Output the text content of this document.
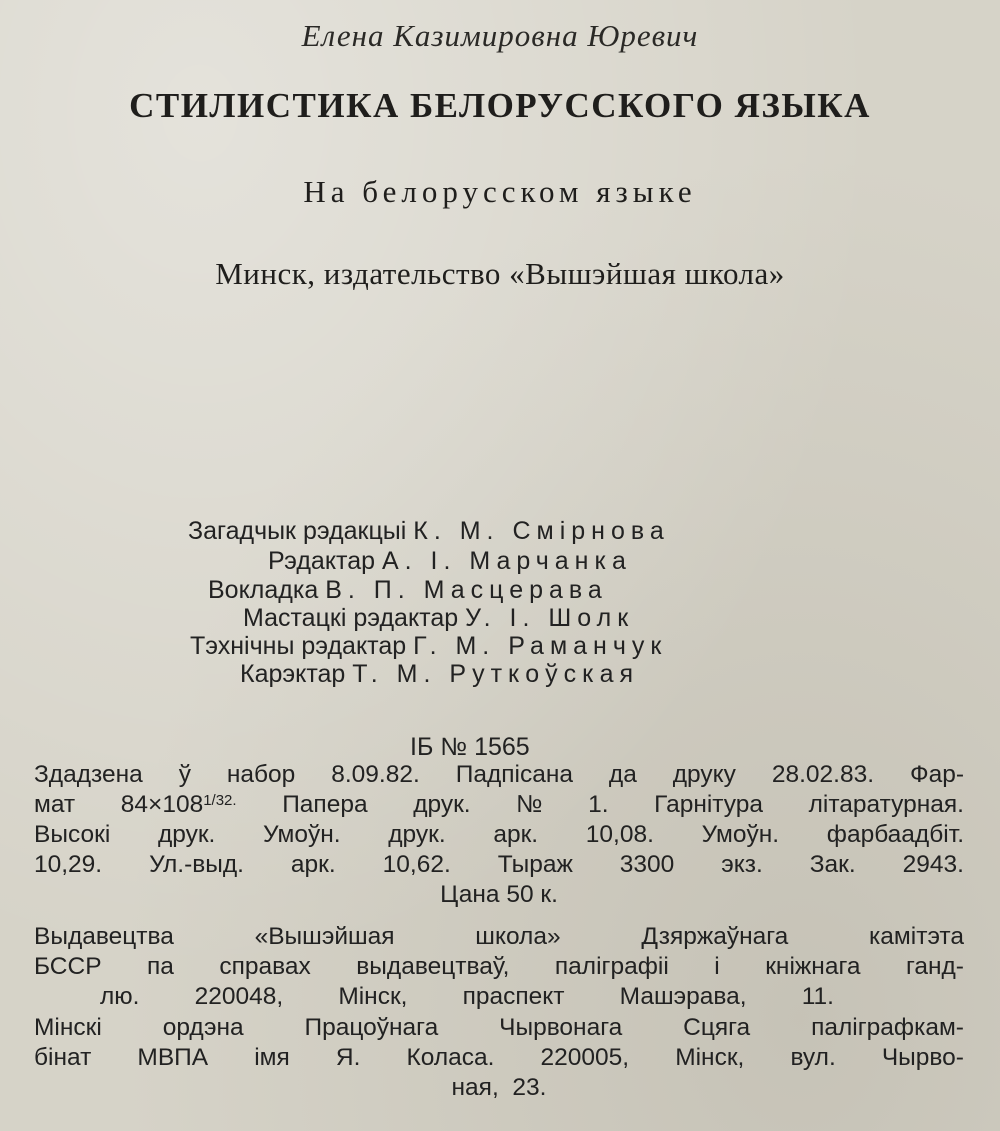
Елена Казимировна Юревич
СТИЛИСТИКА БЕЛОРУССКОГО ЯЗЫКА
На белорусском языке
Минск, издательство «Вышэйшая школа»
Загадчык рэдакцыі К. М. Смірнова
Рэдактар А. І. Марчанка
Вокладка В. П. Масцерава
Мастацкі рэдактар У. І. Шолк
Тэхнічны рэдактар Г. М. Раманчук
Карэктар Т. М. Руткоўская
ІБ № 1565
Здадзена ў набор 8.09.82. Падпісана да друку 28.02.83. Фар-
мат $84\times 108^{1/32.}$ Папера друк. № 1. Гарнітура літаратурная.
Высокі друк. Умоўн. друк. арк. 10,08. Умоўн. фарбаадбіт.
10,29. Ул.-выд. арк. 10,62. Тыраж 3300 экз. Зак. 2943.
Цана 50 к.
Выдавецтва	«Вышэйшая	школа»	Дзяржаўнага	камітэта
БССР па справах выдавецтваў, паліграфіі і кніжнага ганд-
лю. 220048, Мінск, праспект Машэрава, 11.
Мінскі ордэна Працоўнага Чырвонага Сцяга паліграфкам-
бінат МВПА імя Я. Коласа. 220005, Мінск, вул. Чырво-
ная,
23.
